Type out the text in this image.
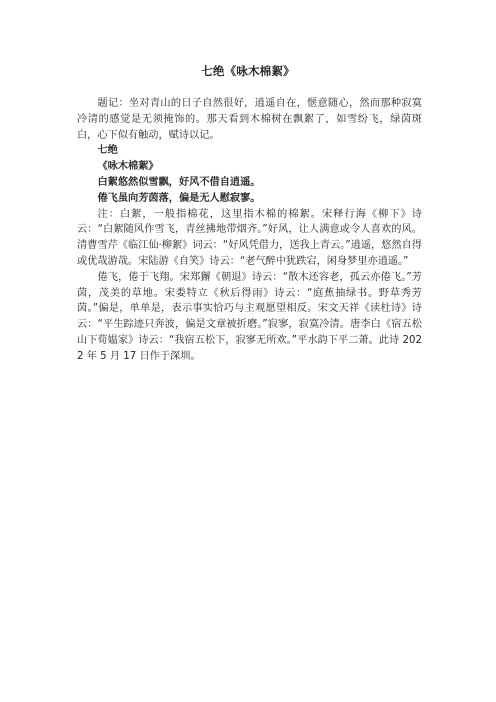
七绝《咏木棉絮》

题记：坐对青山的日子自然很好，逍遥自在，惬意随心，然而那种寂寞冷清的感觉是无须掩饰的。那天看到木棉树在飘絮了，如雪纷飞，绿茵斑白，心下似有触动，赋诗以记。

七绝

《咏木棉絮》

白絮悠然似雪飘，好风不借自逍遥。

倦飞虽向芳茵落，偏是无人慰寂寥。

注：白絮，一般指棉花，这里指木棉的棉絮。宋释行海《柳下》诗云：“白絮随风作雪飞，青丝拂地带烟齐。”好风，让人满意或令人喜欢的风。清曹雪芹《临江仙·柳絮》词云：“好风凭借力，送我上青云。”逍遥，悠然自得或优哉游哉。宋陆游《自笑》诗云：“老气醉中犹跌宕，闲身梦里亦逍遥。”

倦飞，倦于飞翔。宋郑獬《朝退》诗云：“散木还容老，孤云亦倦飞。”芳茵，茂美的草地。宋娄特立《秋后得雨》诗云：“庭蕉抽绿书。野草秀芳茵。”偏是，单单是，表示事实恰巧与主观愿望相反。宋文天祥《读杜诗》诗云：“平生踪迹只奔波，偏是文章被折磨。”寂寥，寂寞冷清。唐李白《宿五松山下荀媪家》诗云：“我宿五松下，寂寥无所欢。”平水韵下平二萧。此诗 2022 年 5 月 17 日作于深圳。
